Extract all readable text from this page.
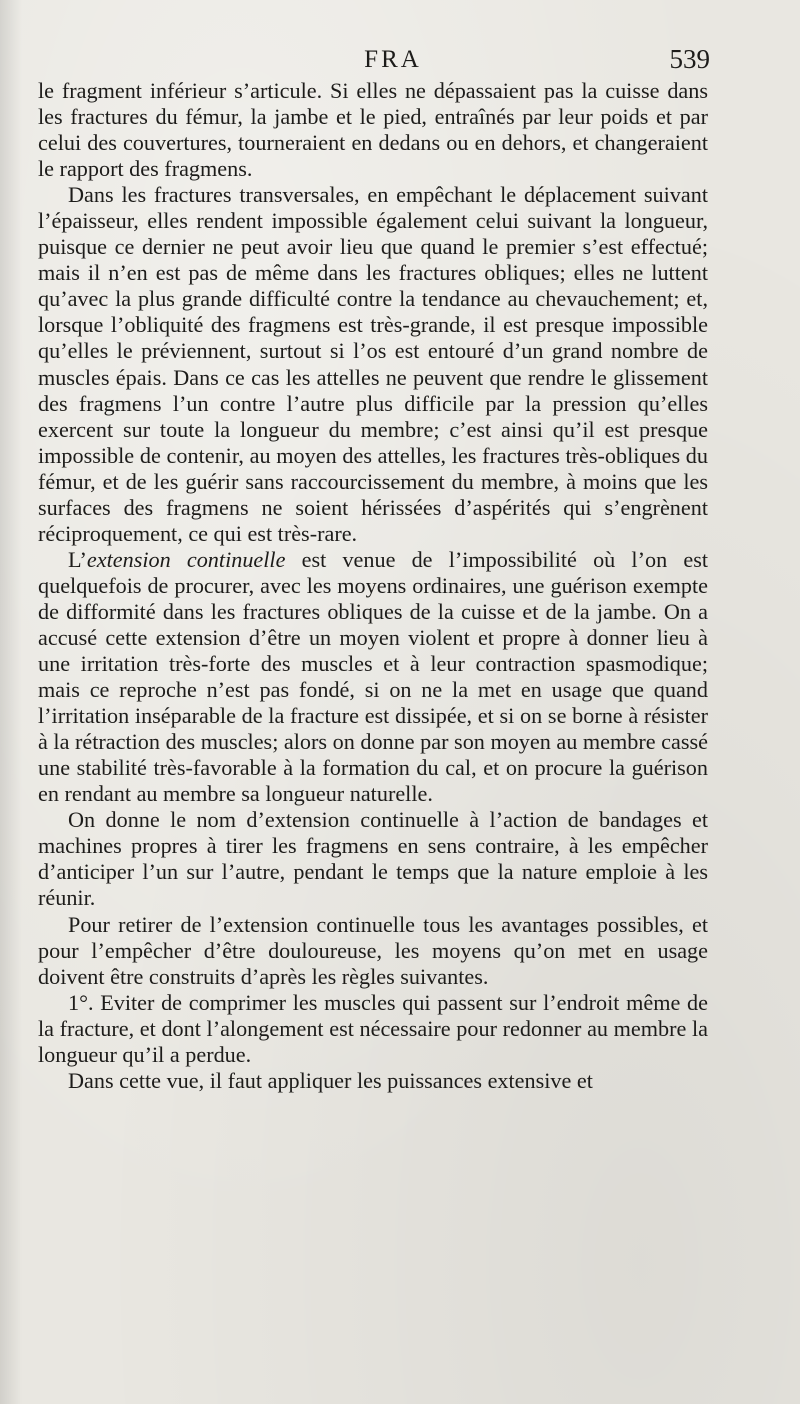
FRA	539

le fragment inférieur s’articule. Si elles ne dépassaient pas la cuisse dans les fractures du fémur, la jambe et le pied, entraînés par leur poids et par celui des couvertures, tourneraient en dedans ou en dehors, et changeraient le rapport des fragmens.

Dans les fractures transversales, en empêchant le déplacement suivant l’épaisseur, elles rendent impossible également celui suivant la longueur, puisque ce dernier ne peut avoir lieu que quand le premier s’est effectué; mais il n’en est pas de même dans les fractures obliques; elles ne luttent qu’avec la plus grande difficulté contre la tendance au chevauchement; et, lorsque l’obliquité des fragmens est très-grande, il est presque impossible qu’elles le préviennent, surtout si l’os est entouré d’un grand nombre de muscles épais. Dans ce cas les attelles ne peuvent que rendre le glissement des fragmens l’un contre l’autre plus difficile par la pression qu’elles exercent sur toute la longueur du membre; c’est ainsi qu’il est presque impossible de contenir, au moyen des attelles, les fractures très-obliques du fémur, et de les guérir sans raccourcissement du membre, à moins que les surfaces des fragmens ne soient hérissées d’aspérités qui s’engrènent réciproquement, ce qui est très-rare.

L’extension continuelle est venue de l’impossibilité où l’on est quelquefois de procurer, avec les moyens ordinaires, une guérison exempte de difformité dans les fractures obliques de la cuisse et de la jambe. On a accusé cette extension d’être un moyen violent et propre à donner lieu à une irritation très-forte des muscles et à leur contraction spasmodique; mais ce reproche n’est pas fondé, si on ne la met en usage que quand l’irritation inséparable de la fracture est dissipée, et si on se borne à résister à la rétraction des muscles; alors on donne par son moyen au membre cassé une stabilité très-favorable à la formation du cal, et on procure la guérison en rendant au membre sa longueur naturelle.

On donne le nom d’extension continuelle à l’action de bandages et machines propres à tirer les fragmens en sens contraire, à les empêcher d’anticiper l’un sur l’autre, pendant le temps que la nature emploie à les réunir.

Pour retirer de l’extension continuelle tous les avantages possibles, et pour l’empêcher d’être douloureuse, les moyens qu’on met en usage doivent être construits d’après les règles suivantes.

1°. Eviter de comprimer les muscles qui passent sur l’endroit même de la fracture, et dont l’alongement est nécessaire pour redonner au membre la longueur qu’il a perdue.

Dans cette vue, il faut appliquer les puissances extensive et
